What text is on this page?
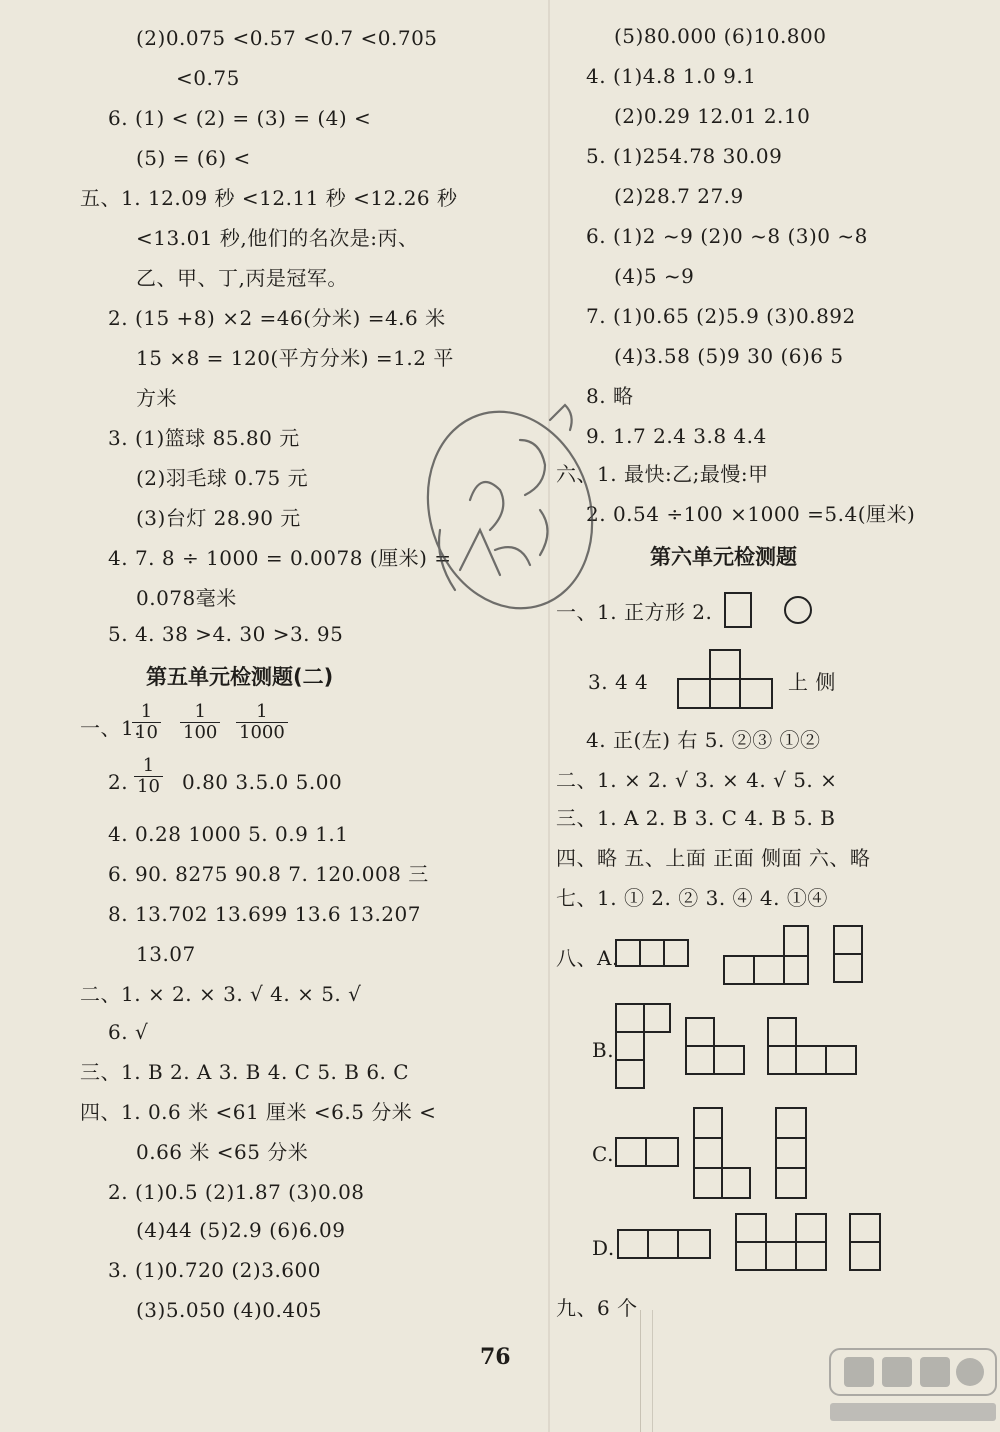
(2)0.075 <0.57 <0.7 <0.705
<0.75
6. (1) < (2) = (3) = (4) <
(5) = (6) <
五、1. 12.09 秒 <12.11 秒 <12.26 秒
<13.01 秒,他们的名次是:丙、
乙、甲、丁,丙是冠军。
2. (15 +8) ×2 =46(分米) =4.6 米
15 ×8 = 120(平方分米) =1.2 平
方米
3. (1)篮球 85.80 元
(2)羽毛球 0.75 元
(3)台灯 28.90 元
4. 7. 8 ÷ 1000 = 0.0078 (厘米) =
0.078毫米
5. 4. 38 >4. 30 >3. 95
第五单元检测题(二)
一、1.
$\frac{1}{10} \frac{1}{100} \frac{1}{1000}$
2. $\frac{1}{10} 0.80$ 3.5.0 5.00
4. 0.28 1000 5. 0.9 1.1
6. 90. 8275 90.8 7. 120.008 三
8. 13.702 13.699 13.6 13.207
13.07
二、1. × 2. × 3. √ 4. × 5. √
6. √
三、1. B 2. A 3. B 4. C 5. B 6. C
四、1. 0.6 米 <61 厘米 <6.5 分米 <
0.66 米 <65 分米
2. (1)0.5 (2)1.87 (3)0.08
(4)44 (5)2.9 (6)6.09
3. (1)0.720 (2)3.600
(3)5.050 (4)0.405
(5)80.000 (6)10.800
4. (1)4.8 1.0 9.1
(2)0.29 12.01 2.10
5. (1)254.78 30.09
(2)28.7 27.9
6. (1)2 ~9 (2)0 ~8 (3)0 ~8
(4)5 ~9
7. (1)0.65 (2)5.9 (3)0.892
(4)3.58 (5)9 30 (6)6 5
8. 略
9. 1.7 2.4 3.8 4.4
六、1. 最快:乙;最慢:甲
2. 0.54 ÷100 ×1000 =5.4(厘米)
第六单元检测题
一、1. 正方形 2.
3. 4 4	上 侧
4. 正(左) 右 5. ②③ ①②
二、1. × 2. √ 3. × 4. √ 5. ×
三、1. A 2. B 3. C 4. B 5. B
四、略 五、上面 正面 侧面 六、略
七、1. ① 2. ② 3. ④ 4. ①④
八、A.
B.
C.
D.
九、6 个
76
